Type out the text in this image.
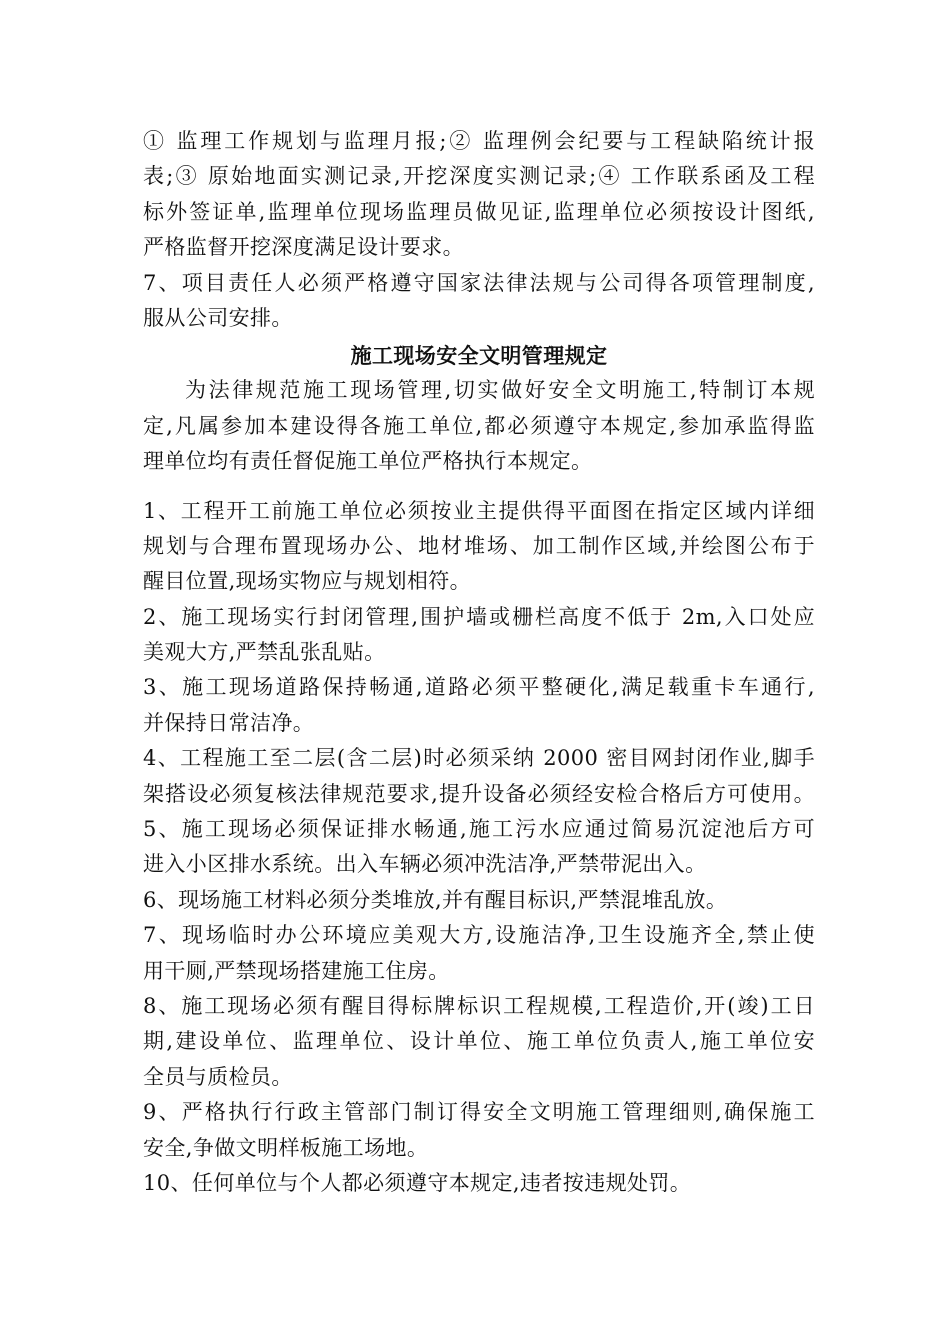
① 监理工作规划与监理月报;② 监理例会纪要与工程缺陷统计报
表;③ 原始地面实测记录,开挖深度实测记录;④ 工作联系函及工程
标外签证单,监理单位现场监理员做见证,监理单位必须按设计图纸,
严格监督开挖深度满足设计要求。
7、项目责任人必须严格遵守国家法律法规与公司得各项管理制度,
服从公司安排。
施工现场安全文明管理规定
为法律规范施工现场管理,切实做好安全文明施工,特制订本规
定,凡属参加本建设得各施工单位,都必须遵守本规定,参加承监得监
理单位均有责任督促施工单位严格执行本规定。
1、工程开工前施工单位必须按业主提供得平面图在指定区域内详细
规划与合理布置现场办公、地材堆场、加工制作区域,并绘图公布于
醒目位置,现场实物应与规划相符。
2、施工现场实行封闭管理,围护墙或栅栏高度不低于 2m,入口处应
美观大方,严禁乱张乱贴。
3、施工现场道路保持畅通,道路必须平整硬化,满足载重卡车通行,
并保持日常洁净。
4、工程施工至二层(含二层)时必须采纳 2000 密目网封闭作业,脚手
架搭设必须复核法律规范要求,提升设备必须经安检合格后方可使用。
5、施工现场必须保证排水畅通,施工污水应通过简易沉淀池后方可
进入小区排水系统。出入车辆必须冲洗洁净,严禁带泥出入。
6、现场施工材料必须分类堆放,并有醒目标识,严禁混堆乱放。
7、现场临时办公环境应美观大方,设施洁净,卫生设施齐全,禁止使
用干厕,严禁现场搭建施工住房。
8、施工现场必须有醒目得标牌标识工程规模,工程造价,开(竣)工日
期,建设单位、监理单位、设计单位、施工单位负责人,施工单位安
全员与质检员。
9、严格执行行政主管部门制订得安全文明施工管理细则,确保施工
安全,争做文明样板施工场地。
10、任何单位与个人都必须遵守本规定,违者按违规处罚。
